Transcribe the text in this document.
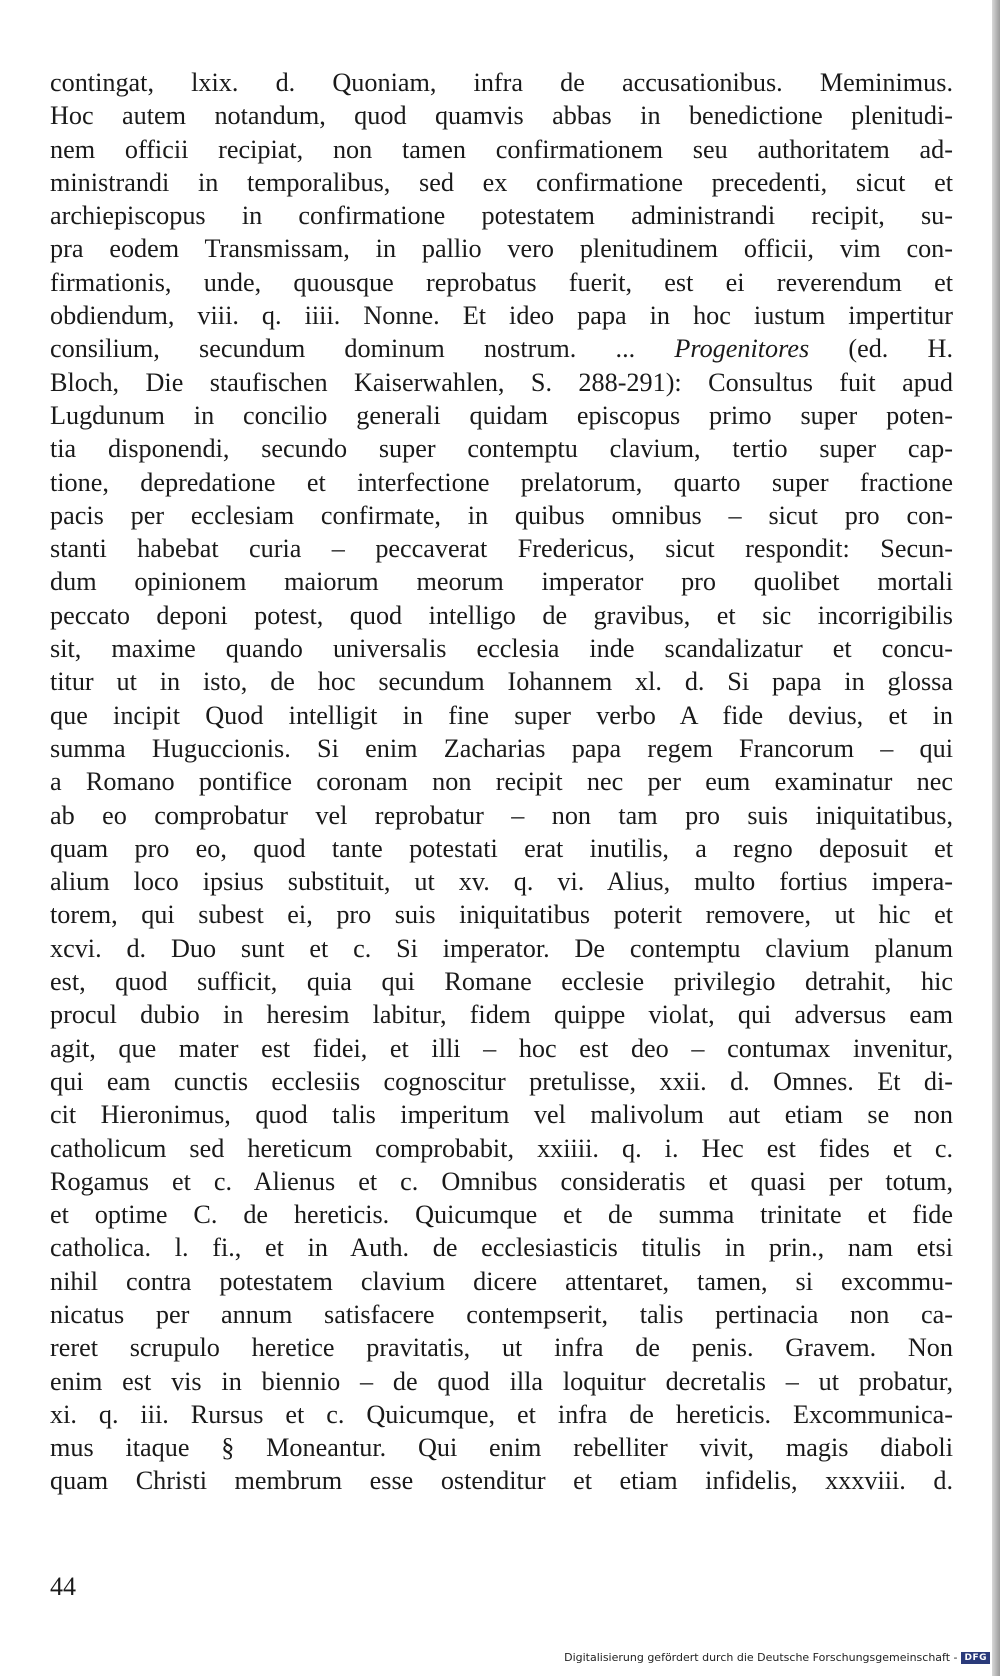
contingat, lxix. d. Quoniam, infra de accusationibus. Meminimus.
Hoc autem notandum, quod quamvis abbas in benedictione plenitudi-
nem officii recipiat, non tamen confirmationem seu authoritatem ad-
ministrandi in temporalibus, sed ex confirmatione precedenti, sicut et
archiepiscopus in confirmatione potestatem administrandi recipit, su-
pra eodem Transmissam, in pallio vero plenitudinem officii, vim con-
firmationis, unde, quousque reprobatus fuerit, est ei reverendum et
obdiendum, viii. q. iiii. Nonne. Et ideo papa in hoc iustum impertitur
consilium, secundum dominum nostrum. ... Progenitores (ed. H.
Bloch, Die staufischen Kaiserwahlen, S. 288-291): Consultus fuit apud
Lugdunum in concilio generali quidam episcopus primo super poten-
tia disponendi, secundo super contemptu clavium, tertio super cap-
tione, depredatione et interfectione prelatorum, quarto super fractione
pacis per ecclesiam confirmate, in quibus omnibus – sicut pro con-
stanti habebat curia – peccaverat Fredericus, sicut respondit: Secun-
dum opinionem maiorum meorum imperator pro quolibet mortali
peccato deponi potest, quod intelligo de gravibus, et sic incorrigibilis
sit, maxime quando universalis ecclesia inde scandalizatur et concu-
titur ut in isto, de hoc secundum Iohannem xl. d. Si papa in glossa
que incipit Quod intelligit in fine super verbo A fide devius, et in
summa Huguccionis. Si enim Zacharias papa regem Francorum – qui
a Romano pontifice coronam non recipit nec per eum examinatur nec
ab eo comprobatur vel reprobatur – non tam pro suis iniquitatibus,
quam pro eo, quod tante potestati erat inutilis, a regno deposuit et
alium loco ipsius substituit, ut xv. q. vi. Alius, multo fortius impera-
torem, qui subest ei, pro suis iniquitatibus poterit removere, ut hic et
xcvi. d. Duo sunt et c. Si imperator. De contemptu clavium planum
est, quod sufficit, quia qui Romane ecclesie privilegio detrahit, hic
procul dubio in heresim labitur, fidem quippe violat, qui adversus eam
agit, que mater est fidei, et illi – hoc est deo – contumax invenitur,
qui eam cunctis ecclesiis cognoscitur pretulisse, xxii. d. Omnes. Et di-
cit Hieronimus, quod talis imperitum vel malivolum aut etiam se non
catholicum sed hereticum comprobabit, xxiiii. q. i. Hec est fides et c.
Rogamus et c. Alienus et c. Omnibus consideratis et quasi per totum,
et optime C. de hereticis. Quicumque et de summa trinitate et fide
catholica. l. fi., et in Auth. de ecclesiasticis titulis in prin., nam etsi
nihil contra potestatem clavium dicere attentaret, tamen, si excommu-
nicatus per annum satisfacere contempserit, talis pertinacia non ca-
reret scrupulo heretice pravitatis, ut infra de penis. Gravem. Non
enim est vis in biennio – de quod illa loquitur decretalis – ut probatur,
xi. q. iii. Rursus et c. Quicumque, et infra de hereticis. Excommunica-
mus itaque § Moneantur. Qui enim rebelliter vivit, magis diaboli
quam Christi membrum esse ostenditur et etiam infidelis, xxxviii. d.
44
Digitalisierung gefördert durch die Deutsche Forschungsgemeinschaft - DFG
